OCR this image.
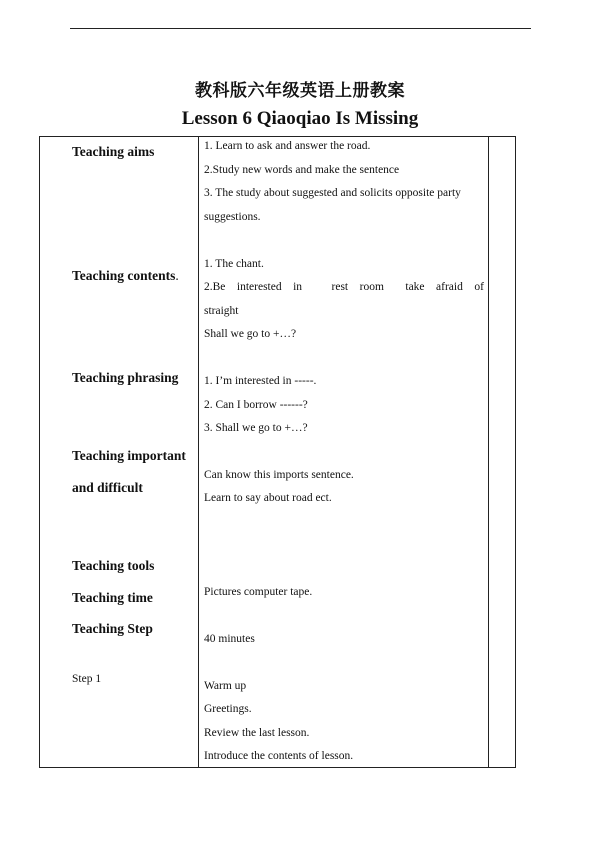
教科版六年级英语上册教案
Lesson 6 Qiaoqiao Is Missing
Teaching aims
Teaching contents.
Teaching phrasing
Teaching important
and difficult
Teaching tools
Teaching time
Teaching Step
Step 1
1. Learn to ask and answer the road.
2.Study new words and make the sentence
3. The study about suggested and solicits opposite party
suggestions.
1. The chant.
2.Be interested in	rest room take afraid of
straight
Shall we go to +…?
1. I’m interested in -----.
2. Can I borrow ------?
3. Shall we go to +…?
Can know this imports sentence.
Learn to say about road ect.
Pictures computer tape.
40 minutes
Warm up
Greetings.
Review the last lesson.
Introduce the contents of lesson.
